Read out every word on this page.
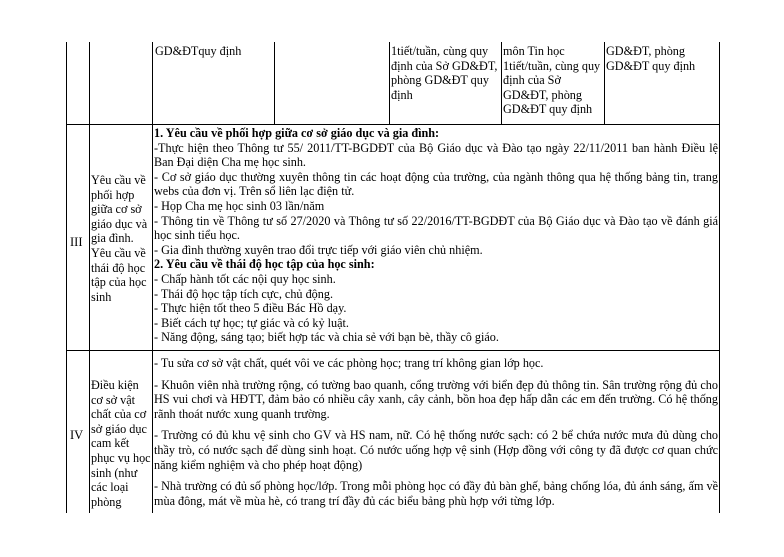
GD&ĐTquy định	1tiết/tuần, cùng quy định của Sở GD&ĐT, phòng GD&ĐT quy định
môn Tin học 1tiết/tuần, cùng quy định của Sở GD&ĐT, phòng GD&ĐT quy định
GD&ĐT, phòng GD&ĐT quy định
III
Yêu cầu về phối hợp giữa cơ sở giáo dục và gia đình. Yêu cầu về thái độ học tập của học sinh

1. Yêu cầu về phối hợp giữa cơ sở giáo dục và gia đình:

-Thực hiện theo Thông tư 55/ 2011/TT-BGDĐT của Bộ Giáo dục và Đào tạo ngày 22/11/2011 ban hành Điều lệ Ban Đại diện Cha mẹ học sinh.

- Cơ sở giáo dục thường xuyên thông tin các hoạt động của trường, của ngành thông qua hệ thống bảng tin, trang webs của đơn vị. Trên sổ liên lạc điện tử.

- Họp Cha mẹ học sinh 03 lần/năm

- Thông tin về Thông tư số 27/2020 và Thông tư số 22/2016/TT-BGDĐT của Bộ Giáo dục và Đào tạo về đánh giá học sinh tiểu học.

- Gia đình thường xuyên trao đổi trực tiếp với giáo viên chủ nhiệm.

2. Yêu cầu về thái độ học tập của học sinh:

- Chấp hành tốt các nội quy học sinh.

- Thái độ học tập tích cực, chủ động.

- Thực hiện tốt theo 5 điều Bác Hồ dạy.

- Biết cách tự học; tự giác và có kỷ luật.

- Năng động, sáng tạo; biết hợp tác và chia sẻ với bạn bè, thầy cô giáo.

IV
Điều kiện cơ sở vật chất của cơ sở giáo dục cam kết phục vụ học sinh (như các loại phòng

- Tu sửa cơ sở vật chất, quét vôi ve các phòng học; trang trí không gian lớp học.

- Khuôn viên nhà trường rộng, có tường bao quanh, cổng trường với biển đẹp đủ thông tin. Sân trường rộng đủ cho HS vui chơi và HĐTT, đảm bảo có nhiều cây xanh, cây cảnh, bồn hoa đẹp hấp dẫn các em đến trường. Có hệ thống rãnh thoát nước xung quanh trường.

- Trường có đủ khu vệ sinh cho GV và HS nam, nữ. Có hệ thống nước sạch: có 2 bể chứa nước mưa đủ dùng cho thầy trò, có nước sạch để dùng sinh hoạt. Có nước uống hợp vệ sinh (Hợp đồng với công ty đã được cơ quan chức năng kiểm nghiệm và cho phép hoạt động)

- Nhà trường có đủ số phòng học/lớp. Trong mỗi phòng học có đầy đủ bàn ghế, bảng chống lóa, đủ ánh sáng, ấm về mùa đông, mát về mùa hè, có trang trí đầy đủ các biểu bảng phù hợp với từng lớp.
